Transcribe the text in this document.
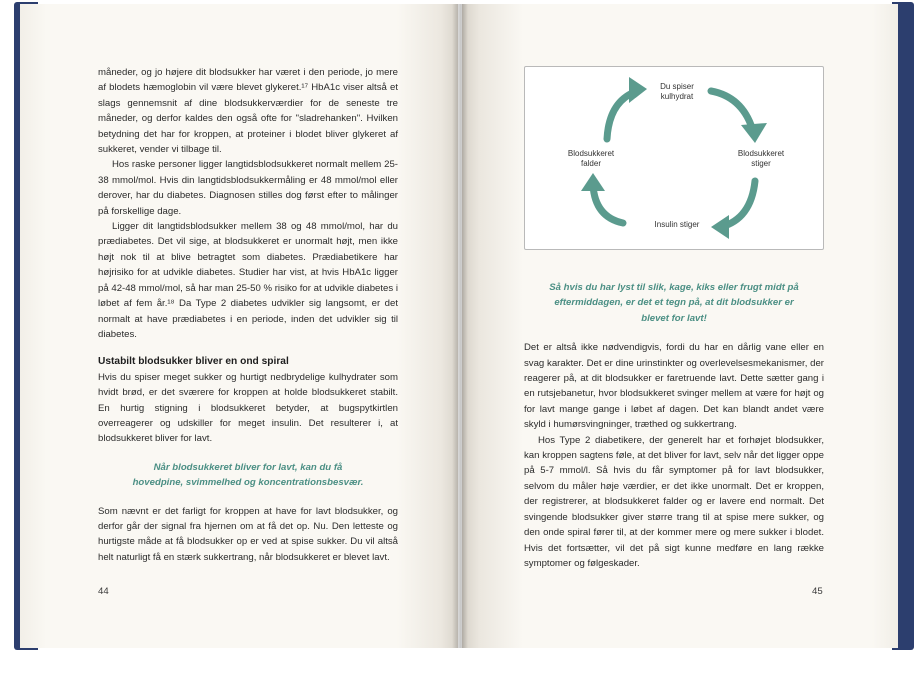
måneder, og jo højere dit blodsukker har været i den periode, jo mere af blodets hæmoglobin vil være blevet glykeret.¹⁷ HbA1c viser altså et slags gennemsnit af dine blodsukkerværdier for de seneste tre måneder, og derfor kaldes den også ofte for "sladrehanken". Hvilken betydning det har for kroppen, at proteiner i blodet bliver glykeret af sukkeret, vender vi tilbage til.

Hos raske personer ligger langtidsblodsukkeret normalt mellem 25-38 mmol/mol. Hvis din langtidsblodsukkermåling er 48 mmol/mol eller derover, har du diabetes. Diagnosen stilles dog først efter to målinger på forskellige dage.

Ligger dit langtidsblodsukker mellem 38 og 48 mmol/mol, har du prædiabetes. Det vil sige, at blodsukkeret er unormalt højt, men ikke højt nok til at blive betragtet som diabetes. Prædiabetikere har højrisiko for at udvikle diabetes. Studier har vist, at hvis HbA1c ligger på 42-48 mmol/mol, så har man 25-50 % risiko for at udvikle diabetes i løbet af fem år.¹⁸ Da Type 2 diabetes udvikler sig langsomt, er det normalt at have prædiabetes i en periode, inden det udvikler sig til diabetes.

Ustabilt blodsukker bliver en ond spiral

Hvis du spiser meget sukker og hurtigt nedbrydelige kulhydrater som hvidt brød, er det sværere for kroppen at holde blodsukkeret stabilt. En hurtig stigning i blodsukkeret betyder, at bugspytkirtlen overreagerer og udskiller for meget insulin. Det resulterer i, at blodsukkeret bliver for lavt.

Når blodsukkeret bliver for lavt, kan du få hovedpine, svimmelhed og koncentrationsbesvær.

Som nævnt er det farligt for kroppen at have for lavt blodsukker, og derfor går der signal fra hjernen om at få det op. Nu. Den letteste og hurtigste måde at få blodsukker op er ved at spise sukker. Du vil altså helt naturligt få en stærk sukkertrang, når blodsukkeret er blevet lavt.

44
Du spiser kulhydrat
Blodsukkeret stiger
Insulin stiger
Blodsukkeret falder

Så hvis du har lyst til slik, kage, kiks eller frugt midt på eftermiddagen, er det et tegn på, at dit blodsukker er blevet for lavt!

Det er altså ikke nødvendigvis, fordi du har en dårlig vane eller en svag karakter. Det er dine urinstinkter og overlevelsesmekanismer, der reagerer på, at dit blodsukker er faretruende lavt. Dette sætter gang i en rutsjebanetur, hvor blodsukkeret svinger mellem at være for højt og for lavt mange gange i løbet af dagen. Det kan blandt andet være skyld i humørsvingninger, træthed og sukkertrang.

Hos Type 2 diabetikere, der generelt har et forhøjet blodsukker, kan kroppen sagtens føle, at det bliver for lavt, selv når det ligger oppe på 5-7 mmol/l. Så hvis du får symptomer på for lavt blodsukker, selvom du måler høje værdier, er det ikke unormalt. Det er kroppen, der registrerer, at blodsukkeret falder og er lavere end normalt. Det svingende blodsukker giver større trang til at spise mere sukker, og den onde spiral fører til, at der kommer mere og mere sukker i blodet. Hvis det fortsætter, vil det på sigt kunne medføre en lang række symptomer og følgeskader.

45
